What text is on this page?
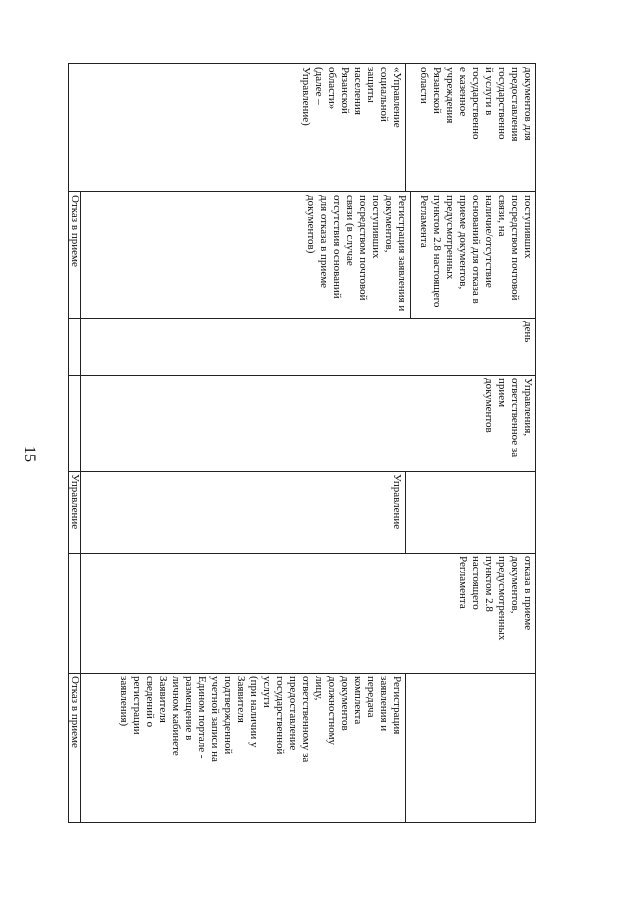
15
документов для
предоставления
государственно
й услуги в
государственно
е казенное
учреждения
Рязанской
области
«Управление
социальной
защиты
населения
Рязанской
области»
(далее –
Управление)
поступивших
посредством почтовой
связи, на
наличие/отсутствие
оснований для отказа в
приеме документов,
предусмотренных
пунктом 2.8 настоящего
Регламента
Регистрация заявления и
документов,
поступивших
посредством почтовой
связи (в случае
отсутствия оснований
для отказа в приеме
документов)
Отказ в приеме
день
Управления,
ответственное за
прием
документов
Управление
Управление
отказа в приеме
документов,
предусмотренных
пунктом 2.8
настоящего
Регламента
Регистрация
заявления и
передача
комплекта
документов
должностному
лицу,
ответственному за
предоставление
государственной
услуги
(при наличии у
Заявителя
подтвержденной
учетной записи на
Едином портале -
размещение в
личном кабинете
Заявителя
сведений о
регистрации
заявления)
Отказ в приеме
